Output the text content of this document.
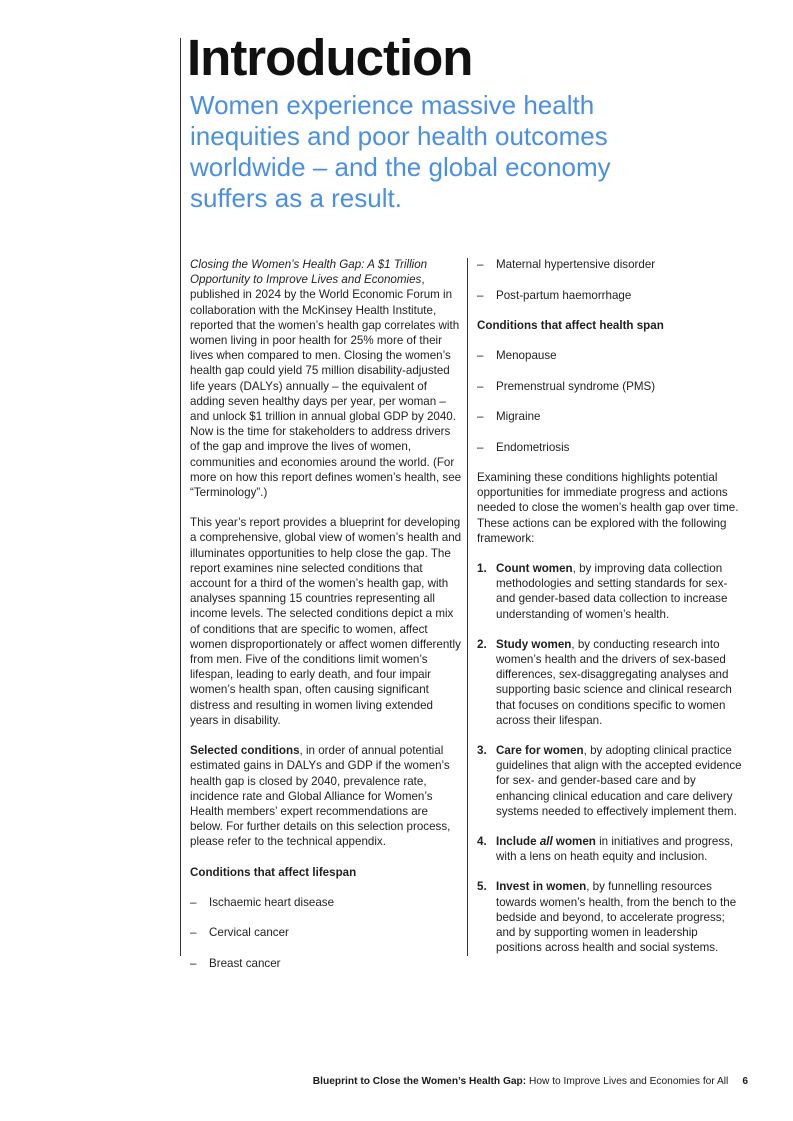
Introduction
Women experience massive health inequities and poor health outcomes worldwide – and the global economy suffers as a result.

Closing the Women’s Health Gap: A $1 Trillion Opportunity to Improve Lives and Economies, published in 2024 by the World Economic Forum in collaboration with the McKinsey Health Institute, reported that the women’s health gap correlates with women living in poor health for 25% more of their lives when compared to men. Closing the women’s health gap could yield 75 million disability-adjusted life years (DALYs) annually – the equivalent of adding seven healthy days per year, per woman – and unlock $1 trillion in annual global GDP by 2040. Now is the time for stakeholders to address drivers of the gap and improve the lives of women, communities and economies around the world. (For more on how this report defines women’s health, see “Terminology”.)

This year’s report provides a blueprint for developing a comprehensive, global view of women’s health and illuminates opportunities to help close the gap. The report examines nine selected conditions that account for a third of the women’s health gap, with analyses spanning 15 countries representing all income levels. The selected conditions depict a mix of conditions that are specific to women, affect women disproportionately or affect women differently from men. Five of the conditions limit women’s lifespan, leading to early death, and four impair women’s health span, often causing significant distress and resulting in women living extended years in disability.

Selected conditions, in order of annual potential estimated gains in DALYs and GDP if the women’s health gap is closed by 2040, prevalence rate, incidence rate and Global Alliance for Women’s Health members’ expert recommendations are below. For further details on this selection process, please refer to the technical appendix.

Conditions that affect lifespan

–	Ischaemic heart disease
–	Cervical cancer
–	Breast cancer
–	Maternal hypertensive disorder
–	Post-partum haemorrhage

Conditions that affect health span

–	Menopause
–	Premenstrual syndrome (PMS)
–	Migraine
–	Endometriosis

Examining these conditions highlights potential opportunities for immediate progress and actions needed to close the women’s health gap over time. These actions can be explored with the following framework:

1. Count women, by improving data collection methodologies and setting standards for sex- and gender-based data collection to increase understanding of women’s health.
2. Study women, by conducting research into women’s health and the drivers of sex-based differences, sex-disaggregating analyses and supporting basic science and clinical research that focuses on conditions specific to women across their lifespan.
3. Care for women, by adopting clinical practice guidelines that align with the accepted evidence for sex- and gender-based care and by enhancing clinical education and care delivery systems needed to effectively implement them.
4. Include all women in initiatives and progress, with a lens on heath equity and inclusion.
5. Invest in women, by funnelling resources towards women’s health, from the bench to the bedside and beyond, to accelerate progress; and by supporting women in leadership positions across health and social systems.
Blueprint to Close the Women’s Health Gap: How to Improve Lives and Economies for All 6
